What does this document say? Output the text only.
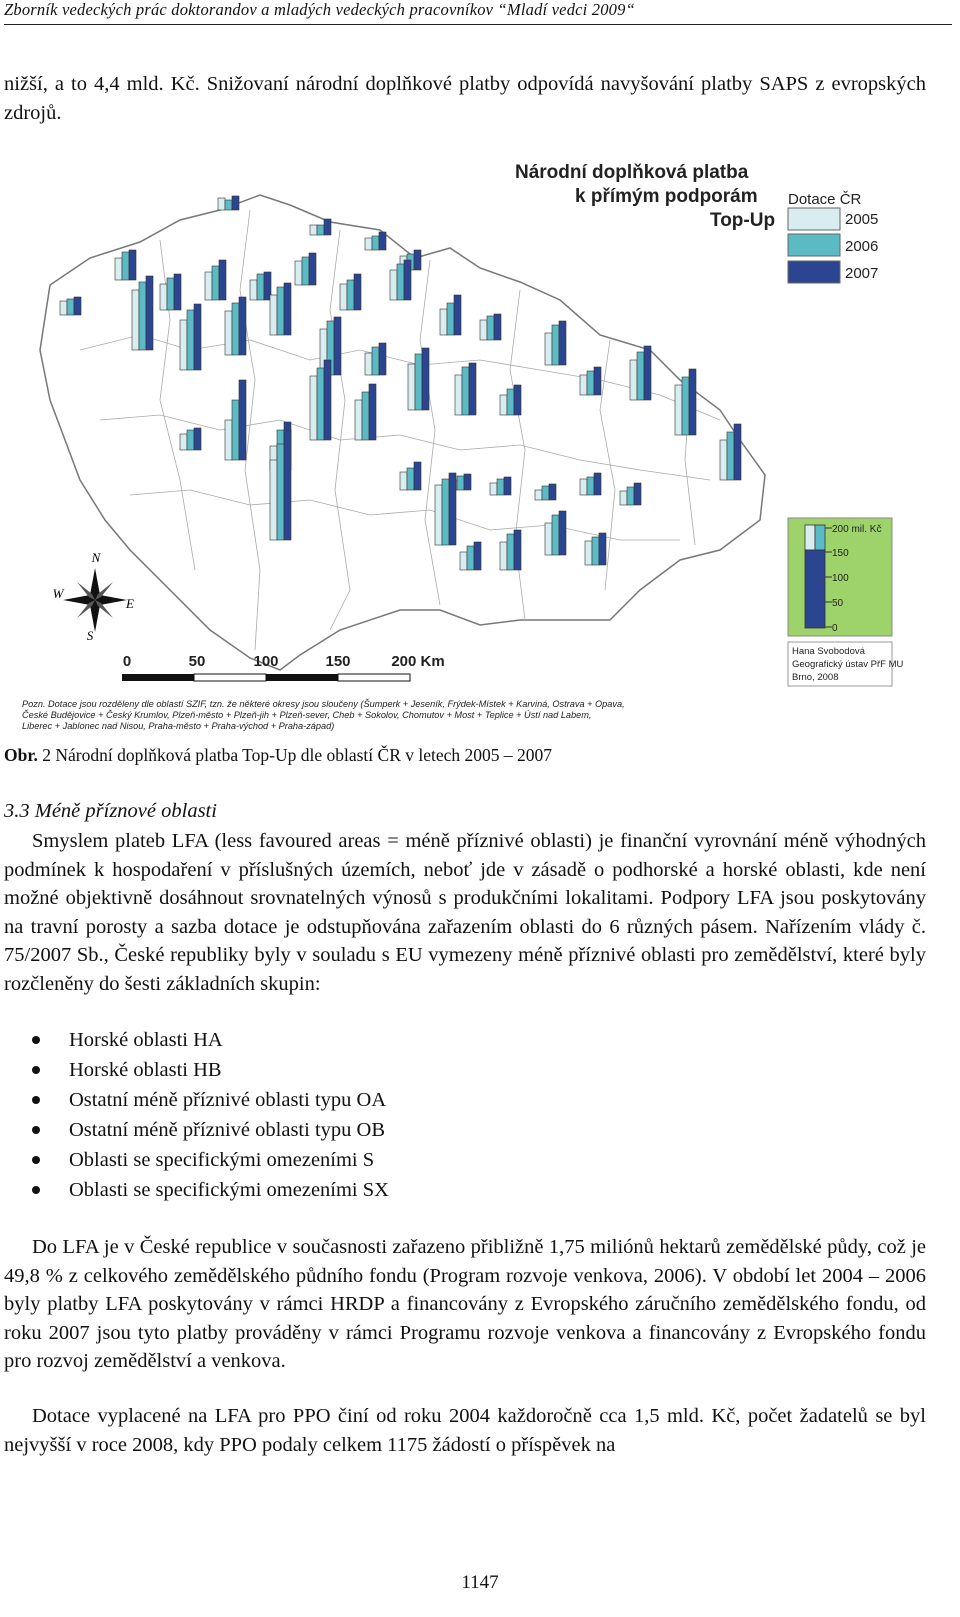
Zborník vedeckých prác doktorandov a mladých vedeckých pracovníkov “Mladí vedci 2009“

nižší, a to 4,4 mld. Kč. Snižovaní národní doplňkové platby odpovídá navyšování platby SAPS z evropských zdrojů.

Národní doplňková platba
k přímým podporám
Top-Up
Dotace ČR
2005
2006
2007
200 mil. Kč
150
100
50
0
Hana Svobodová
Geografický ústav PřF MU
Brno, 2008
N
S
E
W
0	50	100	150	200 Km
Pozn. Dotace jsou rozděleny dle oblastí SZIF, tzn. že některé okresy jsou sloučeny (Šumperk + Jeseník, Frýdek-Místek + Karviná, Ostrava + Opava,
České Budějovice + Český Krumlov, Plzeň-město + Plzeň-jih + Plzeň-sever, Cheb + Sokolov, Chomutov + Most + Teplice + Ústí nad Labem,
Liberec + Jablonec nad Nisou, Praha-město + Praha-východ + Praha-západ)
Obr. 2 Národní doplňková platba Top-Up dle oblastí ČR v letech 2005 – 2007
3.3 Méně příznové oblasti

Smyslem plateb LFA (less favoured areas = méně příznivé oblasti) je finanční vyrovnání méně výhodných podmínek k hospodaření v příslušných územích, neboť jde v zásadě o podhorské a horské oblasti, kde není možné objektivně dosáhnout srovnatelných výnosů s produkčními lokalitami. Podpory LFA jsou poskytovány na travní porosty a sazba dotace je odstupňována zařazením oblasti do 6 různých pásem. Nařízením vlády č. 75/2007 Sb., České republiky byly v souladu s EU vymezeny méně příznivé oblasti pro zemědělství, které byly rozčleněny do šesti základních skupin:

Horské oblasti HA
Horské oblasti HB
Ostatní méně příznivé oblasti typu OA
Ostatní méně příznivé oblasti typu OB
Oblasti se specifickými omezeními S
Oblasti se specifickými omezeními SX

Do LFA je v České republice v současnosti zařazeno přibližně 1,75 miliónů hektarů zemědělské půdy, což je 49,8 % z celkového zemědělského půdního fondu (Program rozvoje venkova, 2006). V období let 2004 – 2006 byly platby LFA poskytovány v rámci HRDP a financovány z Evropského záručního zemědělského fondu, od roku 2007 jsou tyto platby prováděny v rámci Programu rozvoje venkova a financovány z Evropského fondu pro rozvoj zemědělství a venkova.

Dotace vyplacené na LFA pro PPO činí od roku 2004 každoročně cca 1,5 mld. Kč, počet žadatelů se byl nejvyšší v roce 2008, kdy PPO podaly celkem 1175 žádostí o příspěvek na

1147
